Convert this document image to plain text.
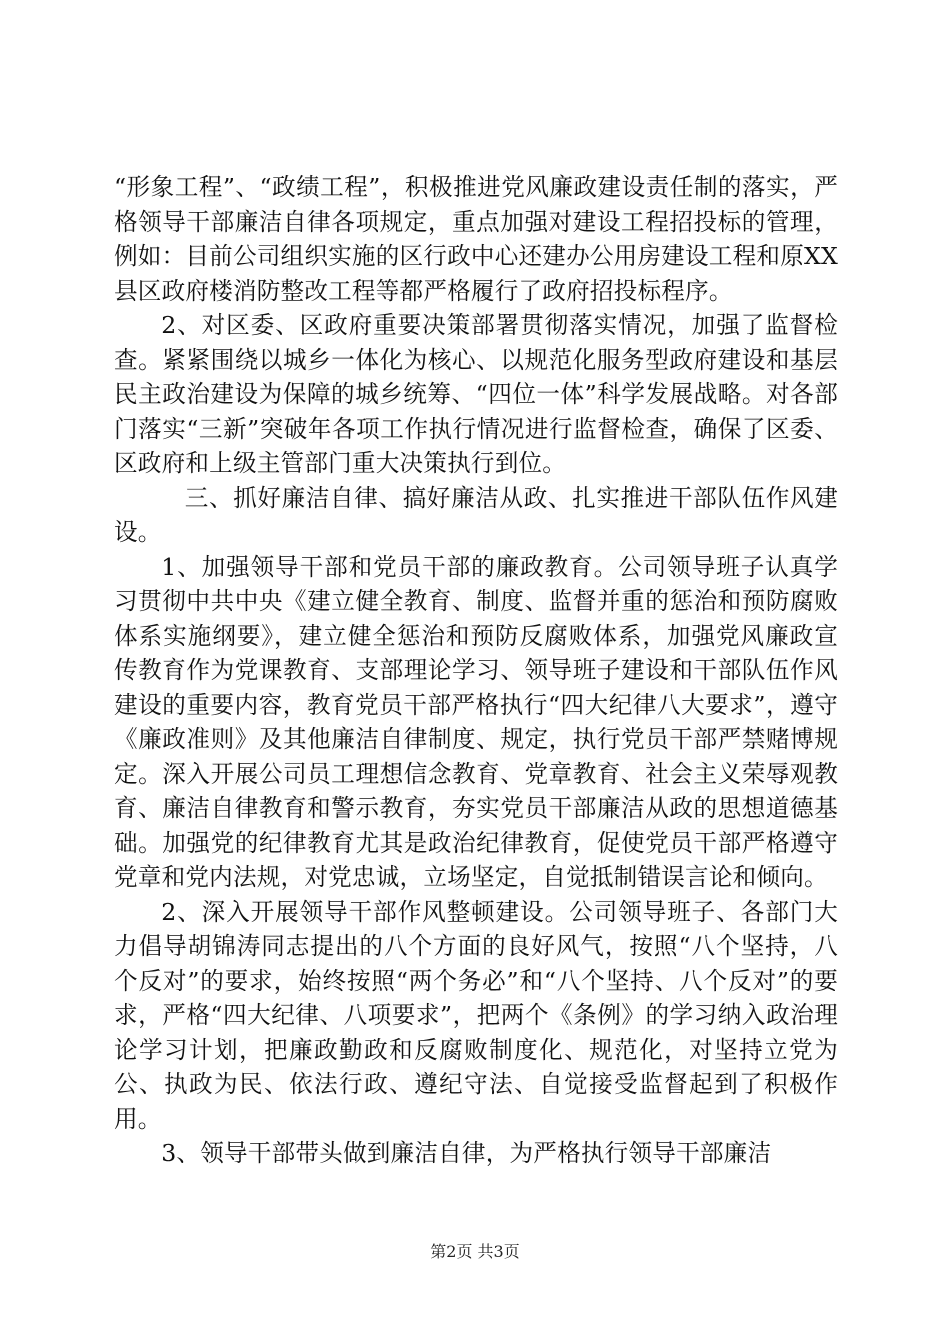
“形象工程”、“政绩工程”，积极推进党风廉政建设责任制的落实，严格领导干部廉洁自律各项规定，重点加强对建设工程招投标的管理，例如：目前公司组织实施的区行政中心还建办公用房建设工程和原XX县区政府楼消防整改工程等都严格履行了政府招投标程序。

2、对区委、区政府重要决策部署贯彻落实情况，加强了监督检查。紧紧围绕以城乡一体化为核心、以规范化服务型政府建设和基层民主政治建设为保障的城乡统筹、“四位一体”科学发展战略。对各部门落实“三新”突破年各项工作执行情况进行监督检查，确保了区委、区政府和上级主管部门重大决策执行到位。

三、抓好廉洁自律、搞好廉洁从政、扎实推进干部队伍作风建设。

1、加强领导干部和党员干部的廉政教育。公司领导班子认真学习贯彻中共中央《建立健全教育、制度、监督并重的惩治和预防腐败体系实施纲要》，建立健全惩治和预防反腐败体系，加强党风廉政宣传教育作为党课教育、支部理论学习、领导班子建设和干部队伍作风建设的重要内容，教育党员干部严格执行“四大纪律八大要求”，遵守《廉政准则》及其他廉洁自律制度、规定，执行党员干部严禁赌博规定。深入开展公司员工理想信念教育、党章教育、社会主义荣辱观教育、廉洁自律教育和警示教育，夯实党员干部廉洁从政的思想道德基础。加强党的纪律教育尤其是政治纪律教育，促使党员干部严格遵守党章和党内法规，对党忠诚，立场坚定，自觉抵制错误言论和倾向。

2、深入开展领导干部作风整顿建设。公司领导班子、各部门大力倡导胡锦涛同志提出的八个方面的良好风气，按照“八个坚持，八个反对”的要求，始终按照“两个务必”和“八个坚持、八个反对”的要求，严格“四大纪律、八项要求”，把两个《条例》的学习纳入政治理论学习计划，把廉政勤政和反腐败制度化、规范化，对坚持立党为公、执政为民、依法行政、遵纪守法、自觉接受监督起到了积极作用。

3、领导干部带头做到廉洁自律，为严格执行领导干部廉洁

第2页 共3页
